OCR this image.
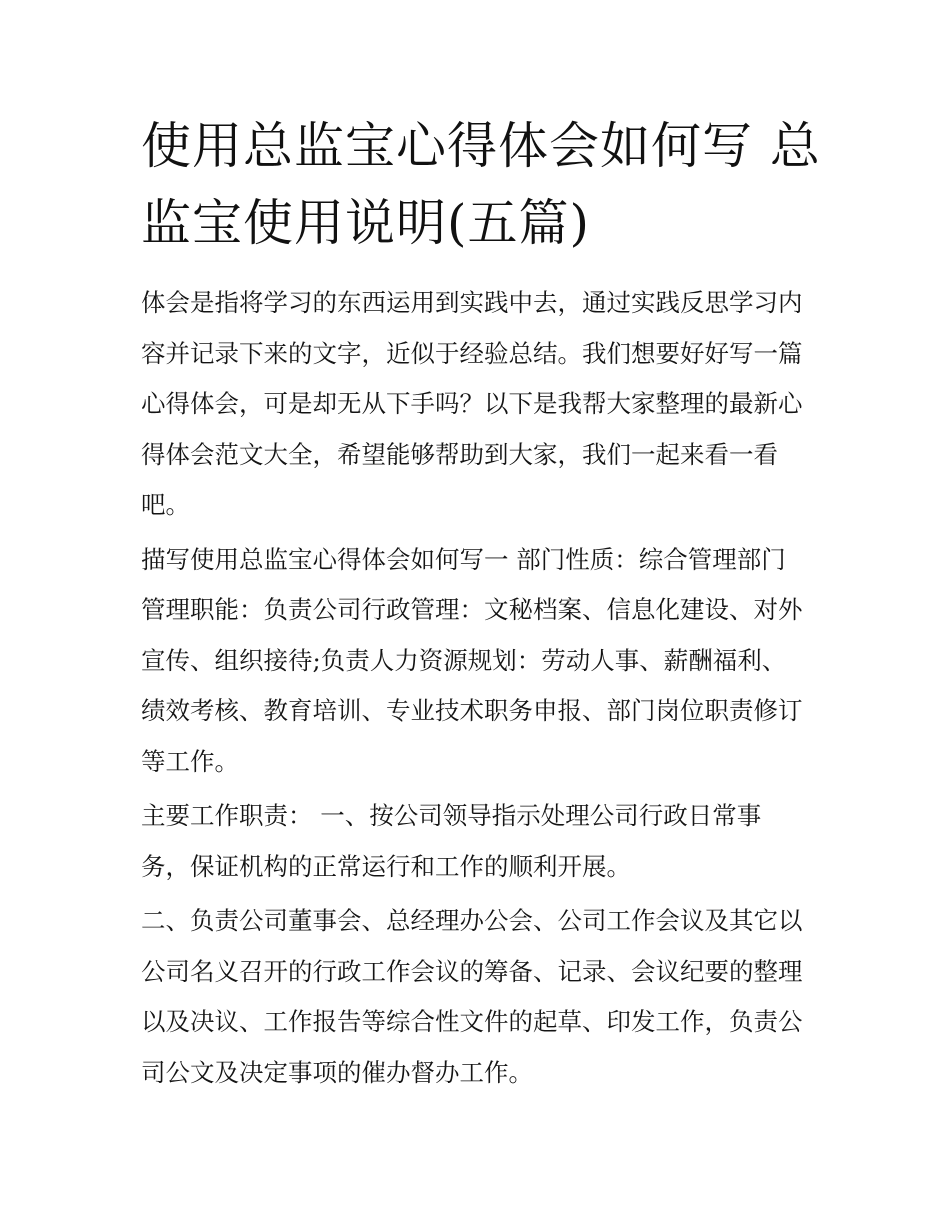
使用总监宝心得体会如何写 总
监宝使用说明(五篇)

体会是指将学习的东西运用到实践中去，通过实践反思学习内
容并记录下来的文字，近似于经验总结。我们想要好好写一篇
心得体会，可是却无从下手吗？以下是我帮大家整理的最新心
得体会范文大全，希望能够帮助到大家，我们一起来看一看
吧。

描写使用总监宝心得体会如何写一 部门性质：综合管理部门
管理职能：负责公司行政管理：文秘档案、信息化建设、对外
宣传、组织接待;负责人力资源规划：劳动人事、薪酬福利、
绩效考核、教育培训、专业技术职务申报、部门岗位职责修订
等工作。

主要工作职责： 一、按公司领导指示处理公司行政日常事
务，保证机构的正常运行和工作的顺利开展。

二、负责公司董事会、总经理办公会、公司工作会议及其它以
公司名义召开的行政工作会议的筹备、记录、会议纪要的整理
以及决议、工作报告等综合性文件的起草、印发工作，负责公
司公文及决定事项的催办督办工作。
